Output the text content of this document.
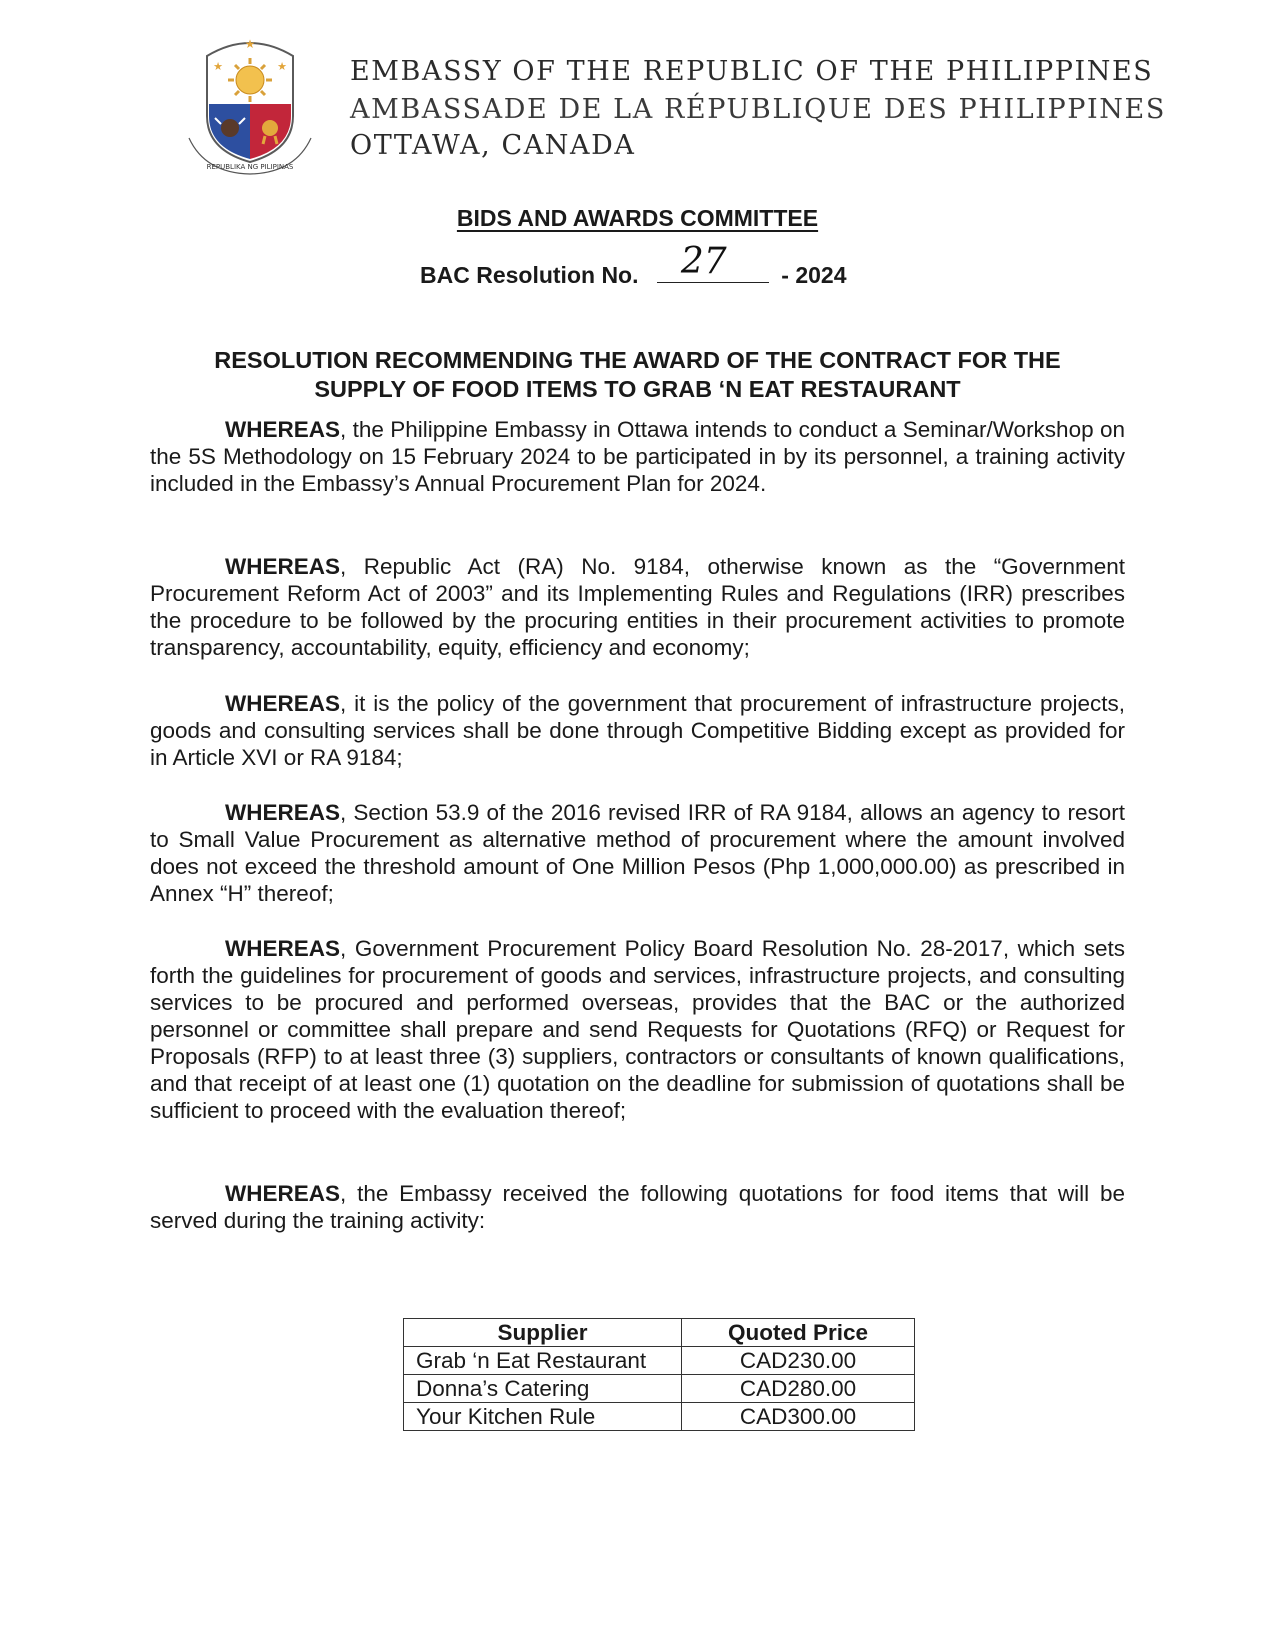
★
★	★
REPUBLIKA NG PILIPINAS
EMBASSY OF THE REPUBLIC OF THE PHILIPPINES
AMBASSADE DE LA RÉPUBLIQUE DES PHILIPPINES
OTTAWA, CANADA
BIDS AND AWARDS COMMITTEE
BAC Resolution No. 27 - 2024
RESOLUTION RECOMMENDING THE AWARD OF THE CONTRACT FOR THE
SUPPLY OF FOOD ITEMS TO GRAB ‘N EAT RESTAURANT
WHEREAS, the Philippine Embassy in Ottawa intends to conduct a Seminar/Workshop on the 5S Methodology on 15 February 2024 to be participated in by its personnel, a training activity included in the Embassy’s Annual Procurement Plan for 2024.
WHEREAS, Republic Act (RA) No. 9184, otherwise known as the “Government Procurement Reform Act of 2003” and its Implementing Rules and Regulations (IRR) prescribes the procedure to be followed by the procuring entities in their procurement activities to promote transparency, accountability, equity, efficiency and economy;
WHEREAS, it is the policy of the government that procurement of infrastructure projects, goods and consulting services shall be done through Competitive Bidding except as provided for in Article XVI or RA 9184;
WHEREAS, Section 53.9 of the 2016 revised IRR of RA 9184, allows an agency to resort to Small Value Procurement as alternative method of procurement where the amount involved does not exceed the threshold amount of One Million Pesos (Php 1,000,000.00) as prescribed in Annex “H” thereof;
WHEREAS, Government Procurement Policy Board Resolution No. 28-2017, which sets forth the guidelines for procurement of goods and services, infrastructure projects, and consulting services to be procured and performed overseas, provides that the BAC or the authorized personnel or committee shall prepare and send Requests for Quotations (RFQ) or Request for Proposals (RFP) to at least three (3) suppliers, contractors or consultants of known qualifications, and that receipt of at least one (1) quotation on the deadline for submission of quotations shall be sufficient to proceed with the evaluation thereof;
WHEREAS, the Embassy received the following quotations for food items that will be served during the training activity:
Supplier	Quoted Price
Grab ‘n Eat Restaurant	CAD230.00
Donna’s Catering	CAD280.00
Your Kitchen Rule	CAD300.00
